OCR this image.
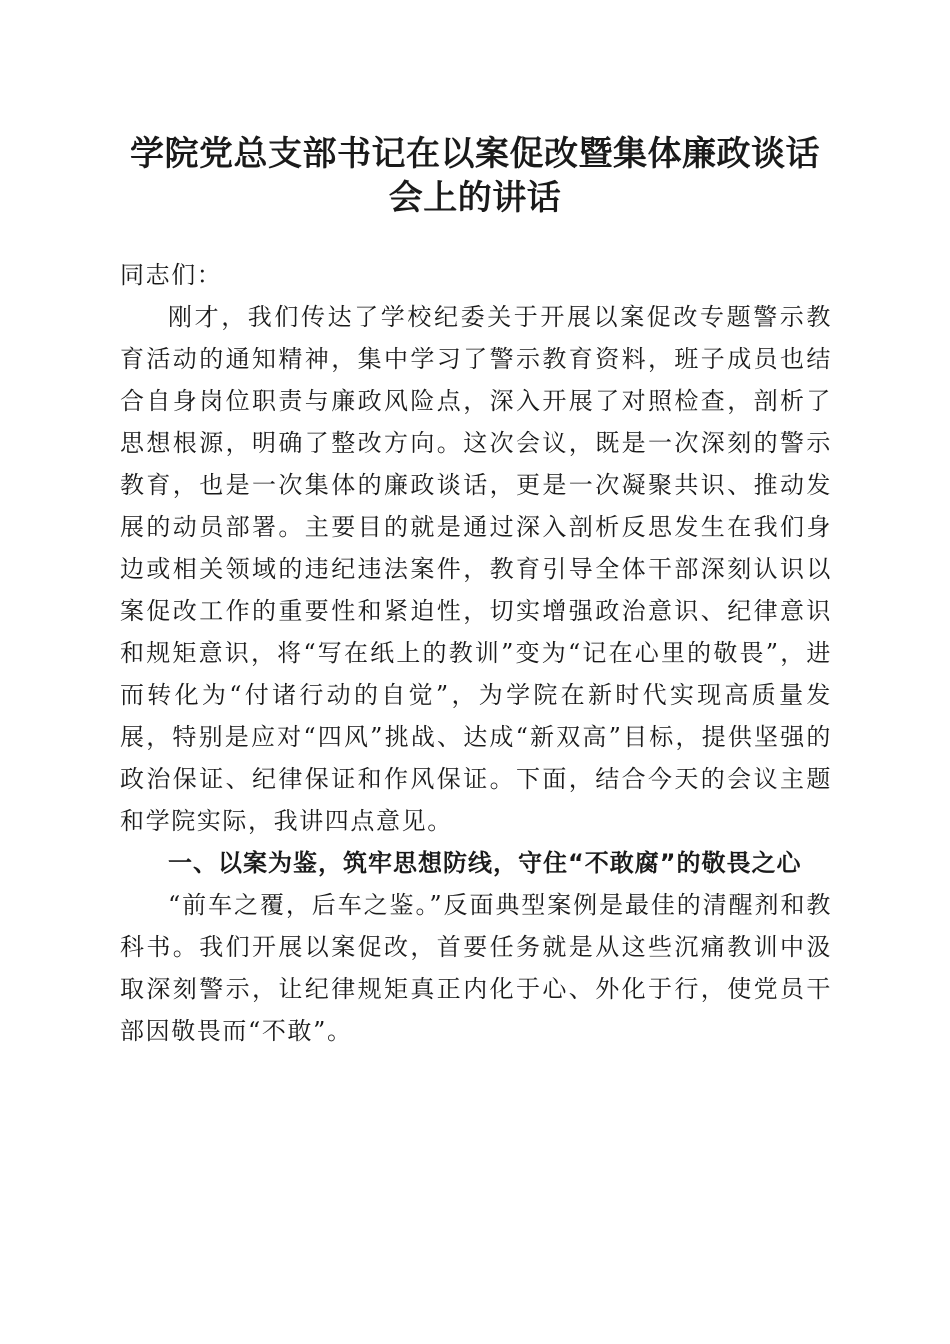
学院党总支部书记在以案促改暨集体廉政谈话
会上的讲话

同志们：

刚才，我们传达了学校纪委关于开展以案促改专题警示教育活动的通知精神，集中学习了警示教育资料，班子成员也结合自身岗位职责与廉政风险点，深入开展了对照检查，剖析了思想根源，明确了整改方向。这次会议，既是一次深刻的警示教育，也是一次集体的廉政谈话，更是一次凝聚共识、推动发展的动员部署。主要目的就是通过深入剖析反思发生在我们身边或相关领域的违纪违法案件，教育引导全体干部深刻认识以案促改工作的重要性和紧迫性，切实增强政治意识、纪律意识和规矩意识，将“写在纸上的教训”变为“记在心里的敬畏”，进而转化为“付诸行动的自觉”，为学院在新时代实现高质量发展，特别是应对“四风”挑战、达成“新双高”目标，提供坚强的政治保证、纪律保证和作风保证。下面，结合今天的会议主题和学院实际，我讲四点意见。

一、以案为鉴，筑牢思想防线，守住“不敢腐”的敬畏之心

“前车之覆，后车之鉴。”反面典型案例是最佳的清醒剂和教科书。我们开展以案促改，首要任务就是从这些沉痛教训中汲取深刻警示，让纪律规矩真正内化于心、外化于行，使党员干部因敬畏而“不敢”。
